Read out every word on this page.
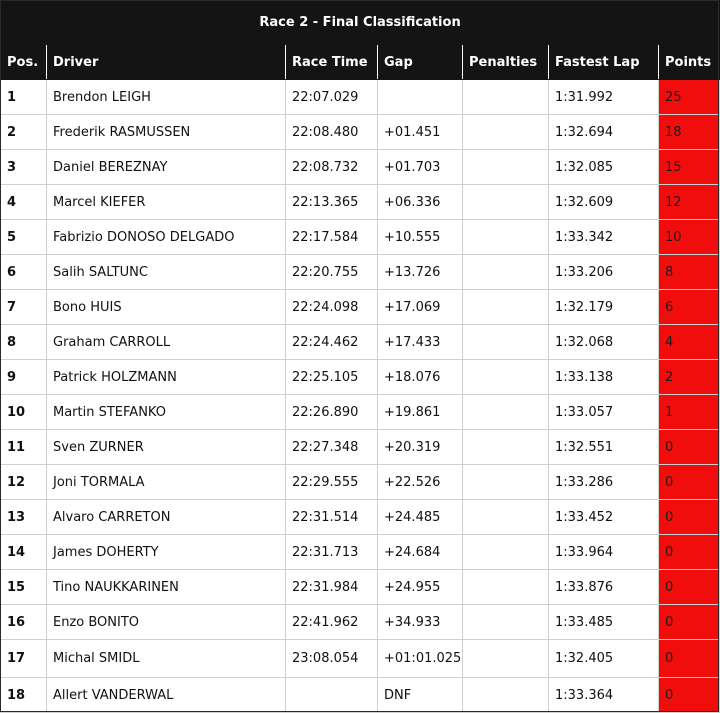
Race 2 - Final Classification						
Pos.	Driver	Race Time	Gap	Penalties	Fastest Lap	Points
1	Brendon LEIGH	22:07.029			1:31.992	25
2	Frederik RASMUSSEN	22:08.480	+01.451		1:32.694	18
3	Daniel BEREZNAY	22:08.732	+01.703		1:32.085	15
4	Marcel KIEFER	22:13.365	+06.336		1:32.609	12
5	Fabrizio DONOSO DELGADO	22:17.584	+10.555		1:33.342	10
6	Salih SALTUNC	22:20.755	+13.726		1:33.206	8
7	Bono HUIS	22:24.098	+17.069		1:32.179	6
8	Graham CARROLL	22:24.462	+17.433		1:32.068	4
9	Patrick HOLZMANN	22:25.105	+18.076		1:33.138	2
10	Martin STEFANKO	22:26.890	+19.861		1:33.057	1
11	Sven ZURNER	22:27.348	+20.319		1:32.551	0
12	Joni TORMALA	22:29.555	+22.526		1:33.286	0
13	Alvaro CARRETON	22:31.514	+24.485		1:33.452	0
14	James DOHERTY	22:31.713	+24.684		1:33.964	0
15	Tino NAUKKARINEN	22:31.984	+24.955		1:33.876	0
16	Enzo BONITO	22:41.962	+34.933		1:33.485	0
17	Michal SMIDL	23:08.054	+01:01.025		1:32.405	0
18	Allert VANDERWAL		DNF		1:33.364	0
